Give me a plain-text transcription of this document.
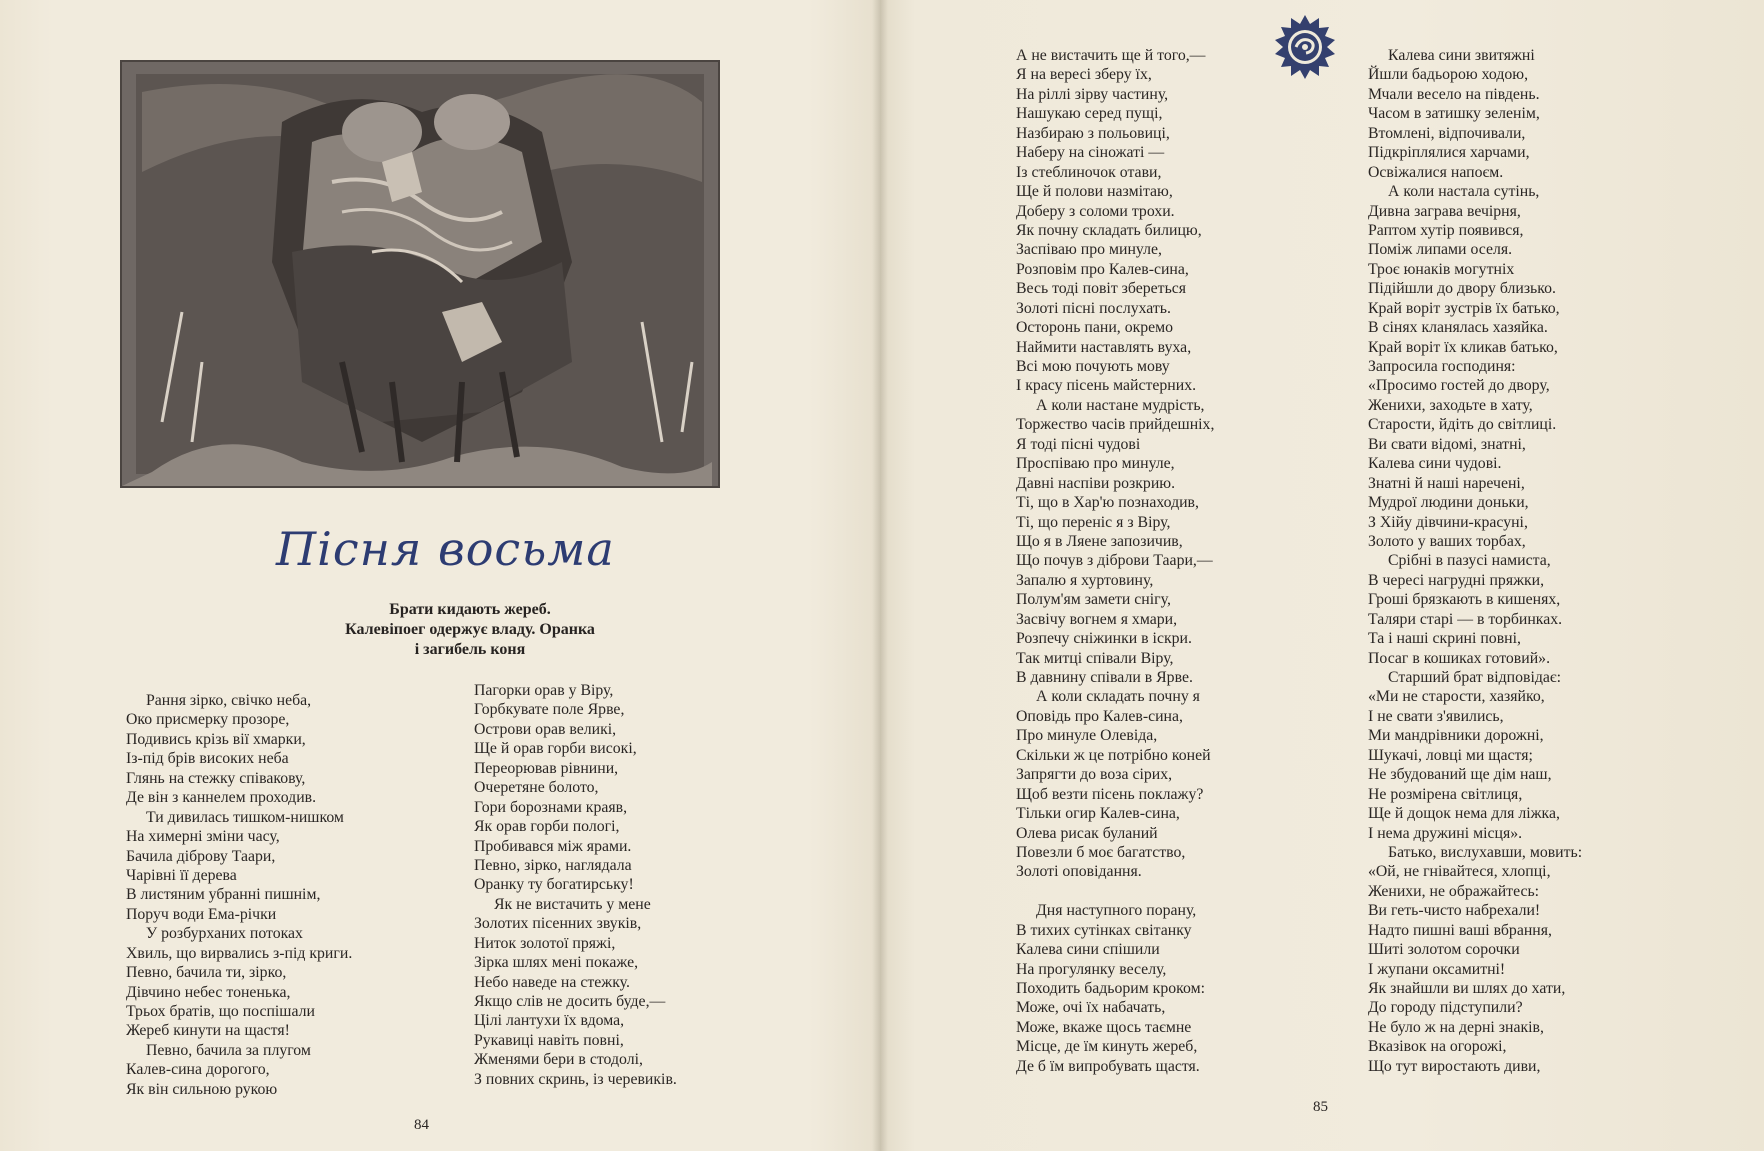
Пісня восьма
Брати кидають жереб.
Калевіпоег одержує владу. Оранка
і загибель коня
Рання зірко, свічко неба,
Око присмерку прозоре,
Подивись крізь вії хмарки,
Із-під брів високих неба
Глянь на стежку співакову,
Де він з каннелем проходив.
Ти дивилась тишком-нишком
На химерні зміни часу,
Бачила діброву Таари,
Чарівні її дерева
В листяним убранні пишнім,
Поруч води Ема-річки
У розбурханих потоках
Хвиль, що вирвались з-під криги.
Певно, бачила ти, зірко,
Дівчино небес тоненька,
Трьох братів, що поспішали
Жереб кинути на щастя!
Певно, бачила за плугом
Калев-сина дорогого,
Як він сильною рукою
Пагорки орав у Віру,
Горбкувате поле Ярве,
Острови орав великі,
Ще й орав горби високі,
Переорював рівнини,
Очеретяне болото,
Гори борознами краяв,
Як орав горби пологі,
Пробивався між ярами.
Певно, зірко, наглядала
Оранку ту богатирську!
Як не вистачить у мене
Золотих пісенних звуків,
Ниток золотої пряжі,
Зірка шлях мені покаже,
Небо наведе на стежку.
Якщо слів не досить буде,—
Цілі лантухи їх вдома,
Рукавиці навіть повні,
Жменями бери в стодолі,
З повних скринь, із черевиків.
84
А не вистачить ще й того,—
Я на вересі зберу їх,
На ріллі зірву частину,
Нашукаю серед пущі,
Назбираю з польовиці,
Наберу на сіножаті —
Із стеблиночок отави,
Ще й полови назмітаю,
Доберу з соломи трохи.
Як почну складать билицю,
Заспіваю про минуле,
Розповім про Калев-сина,
Весь тоді повіт збереться
Золоті пісні послухать.
Осторонь пани, окремо
Наймити наставлять вуха,
Всі мою почують мову
І красу пісень майстерних.
А коли настане мудрість,
Торжество часів прийдешніх,
Я тоді пісні чудові
Проспіваю про минуле,
Давні наспіви розкрию.
Ті, що в Хар'ю познаходив,
Ті, що переніс я з Віру,
Що я в Ляене запозичив,
Що почув з діброви Таари,—
Запалю я хуртовину,
Полум'ям замети снігу,
Засвічу вогнем я хмари,
Розпечу сніжинки в іскри.
Так митці співали Віру,
В давнину співали в Ярве.
А коли складать почну я
Оповідь про Калев-сина,
Про минуле Олевіда,
Скільки ж це потрібно коней
Запрягти до воза сірих,
Щоб везти пісень поклажу?
Тільки огир Калев-сина,
Олева рисак буланий
Повезли б моє багатство,
Золоті оповідання.
Дня наступного порану,
В тихих сутінках світанку
Калева сини спішили
На прогулянку веселу,
Походить бадьорим кроком:
Може, очі їх набачать,
Може, вкаже щось таємне
Місце, де їм кинуть жереб,
Де б їм випробувать щастя.
Калева сини звитяжні
Йшли бадьорою ходою,
Мчали весело на південь.
Часом в затишку зеленім,
Втомлені, відпочивали,
Підкріплялися харчами,
Освіжалися напоєм.
А коли настала сутінь,
Дивна заграва вечірня,
Раптом хутір появився,
Поміж липами оселя.
Троє юнаків могутніх
Підійшли до двору близько.
Край воріт зустрів їх батько,
В сінях кланялась хазяйка.
Край воріт їх кликав батько,
Запросила господиня:
«Просимо гостей до двору,
Женихи, заходьте в хату,
Старости, йдіть до світлиці.
Ви свати відомі, знатні,
Калева сини чудові.
Знатні й наші наречені,
Мудрої людини доньки,
З Хійу дівчини-красуні,
Золото у ваших торбах,
Срібні в пазусі намиста,
В чересі нагрудні пряжки,
Гроші брязкають в кишенях,
Таляри старі — в торбинках.
Та і наші скрині повні,
Посаг в кошиках готовий».
Старший брат відповідає:
«Ми не старости, хазяйко,
І не свати з'явились,
Ми мандрівники дорожні,
Шукачі, ловці ми щастя;
Не збудований ще дім наш,
Не розмірена світлиця,
Ще й дощок нема для ліжка,
І нема дружині місця».
Батько, вислухавши, мовить:
«Ой, не гнівайтеся, хлопці,
Женихи, не ображайтесь:
Ви геть-чисто набрехали!
Надто пишні ваші вбрання,
Шиті золотом сорочки
І жупани оксамитні!
Як знайшли ви шлях до хати,
До городу підступили?
Не було ж на дерні знаків,
Вказівок на огорожі,
Що тут виростають диви,
85
